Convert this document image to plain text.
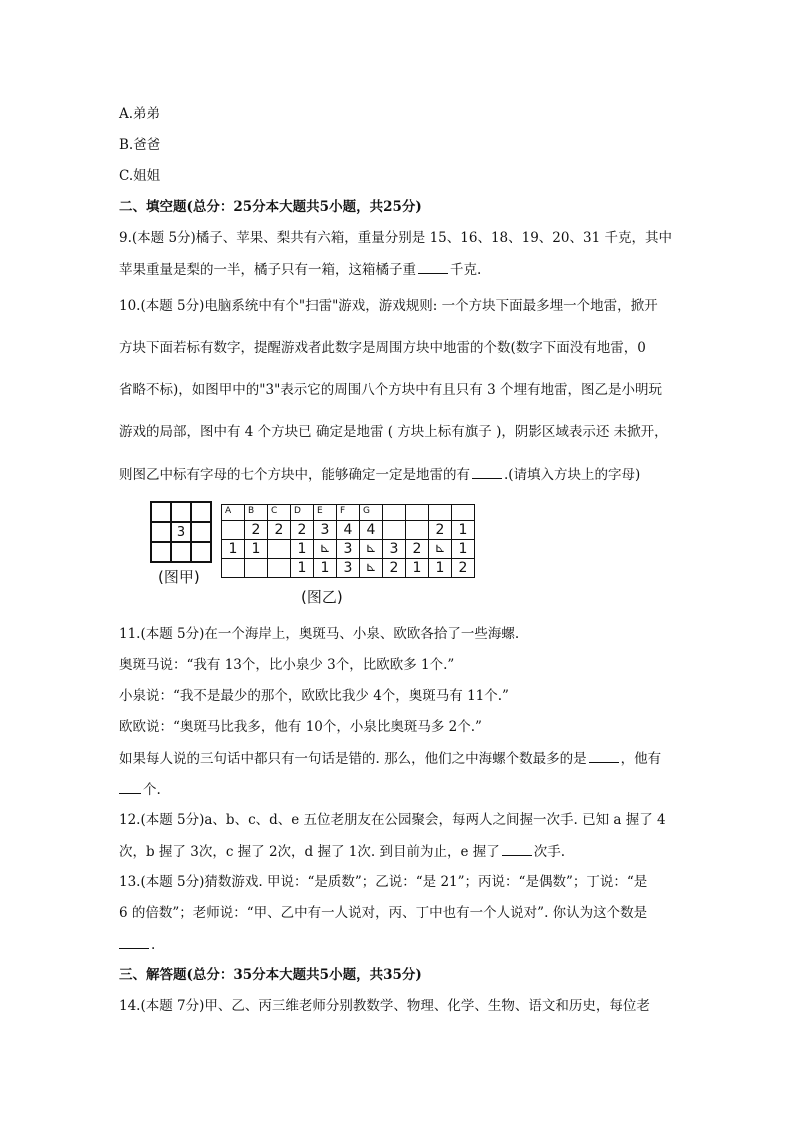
A.弟弟
B.爸爸
C.姐姐
二、填空题(总分：25分本大题共5小题，共25分)
9.(本题 5分)橘子、苹果、梨共有六箱，重量分别是 15、16、18、19、20、31 千克，其中
苹果重量是梨的一半，橘子只有一箱，这箱橘子重	千克.
10.(本题 5分)电脑系统中有个"扫雷"游戏，游戏规则: 一个方块下面最多埋一个地雷，掀开
方块下面若标有数字，提醒游戏者此数字是周围方块中地雷的个数(数字下面没有地雷，0
省略不标)，如图甲中的"3"表示它的周围八个方块中有且只有 3 个埋有地雷，图乙是小明玩
游戏的局部，图中有 4 个方块已 确定是地雷 ( 方块上标有旗子 )，阴影区域表示还 未掀开，
则图乙中标有字母的七个方块中，能够确定一定是地雷的有	.(请填入方块上的字母)

	3	

(图甲)
A	B	C	D	E	F	G				
	2	2	2	3	4	4			2	1
1	1		1	⊾	3	⊾	3	2	⊾	1
			1	1	3	⊾	2	1	1	2
(图乙)
11.(本题 5分)在一个海岸上，奥斑马、小泉、欧欧各拾了一些海螺.
奥斑马说：“我有 13个，比小泉少 3个，比欧欧多 1个.”
小泉说：“我不是最少的那个，欧欧比我少 4个，奥斑马有 11个.”
欧欧说：“奥斑马比我多，他有 10个，小泉比奥斑马多 2个.”
如果每人说的三句话中都只有一句话是错的. 那么，他们之中海螺个数最多的是	，他有
个.
12.(本题 5分)a、b、c、d、e 五位老朋友在公园聚会，每两人之间握一次手. 已知 a 握了 4
次，b 握了 3次，c 握了 2次，d 握了 1次. 到目前为止，e 握了	次手.
13.(本题 5分)猜数游戏. 甲说：“是质数”；乙说：“是 21”；丙说：“是偶数”；丁说：“是
6 的倍数”；老师说：“甲、乙中有一人说对，丙、丁中也有一个人说对”. 你认为这个数是
.
三、解答题(总分：35分本大题共5小题，共35分)
14.(本题 7分)甲、乙、丙三维老师分别教数学、物理、化学、生物、语文和历史，每位老
